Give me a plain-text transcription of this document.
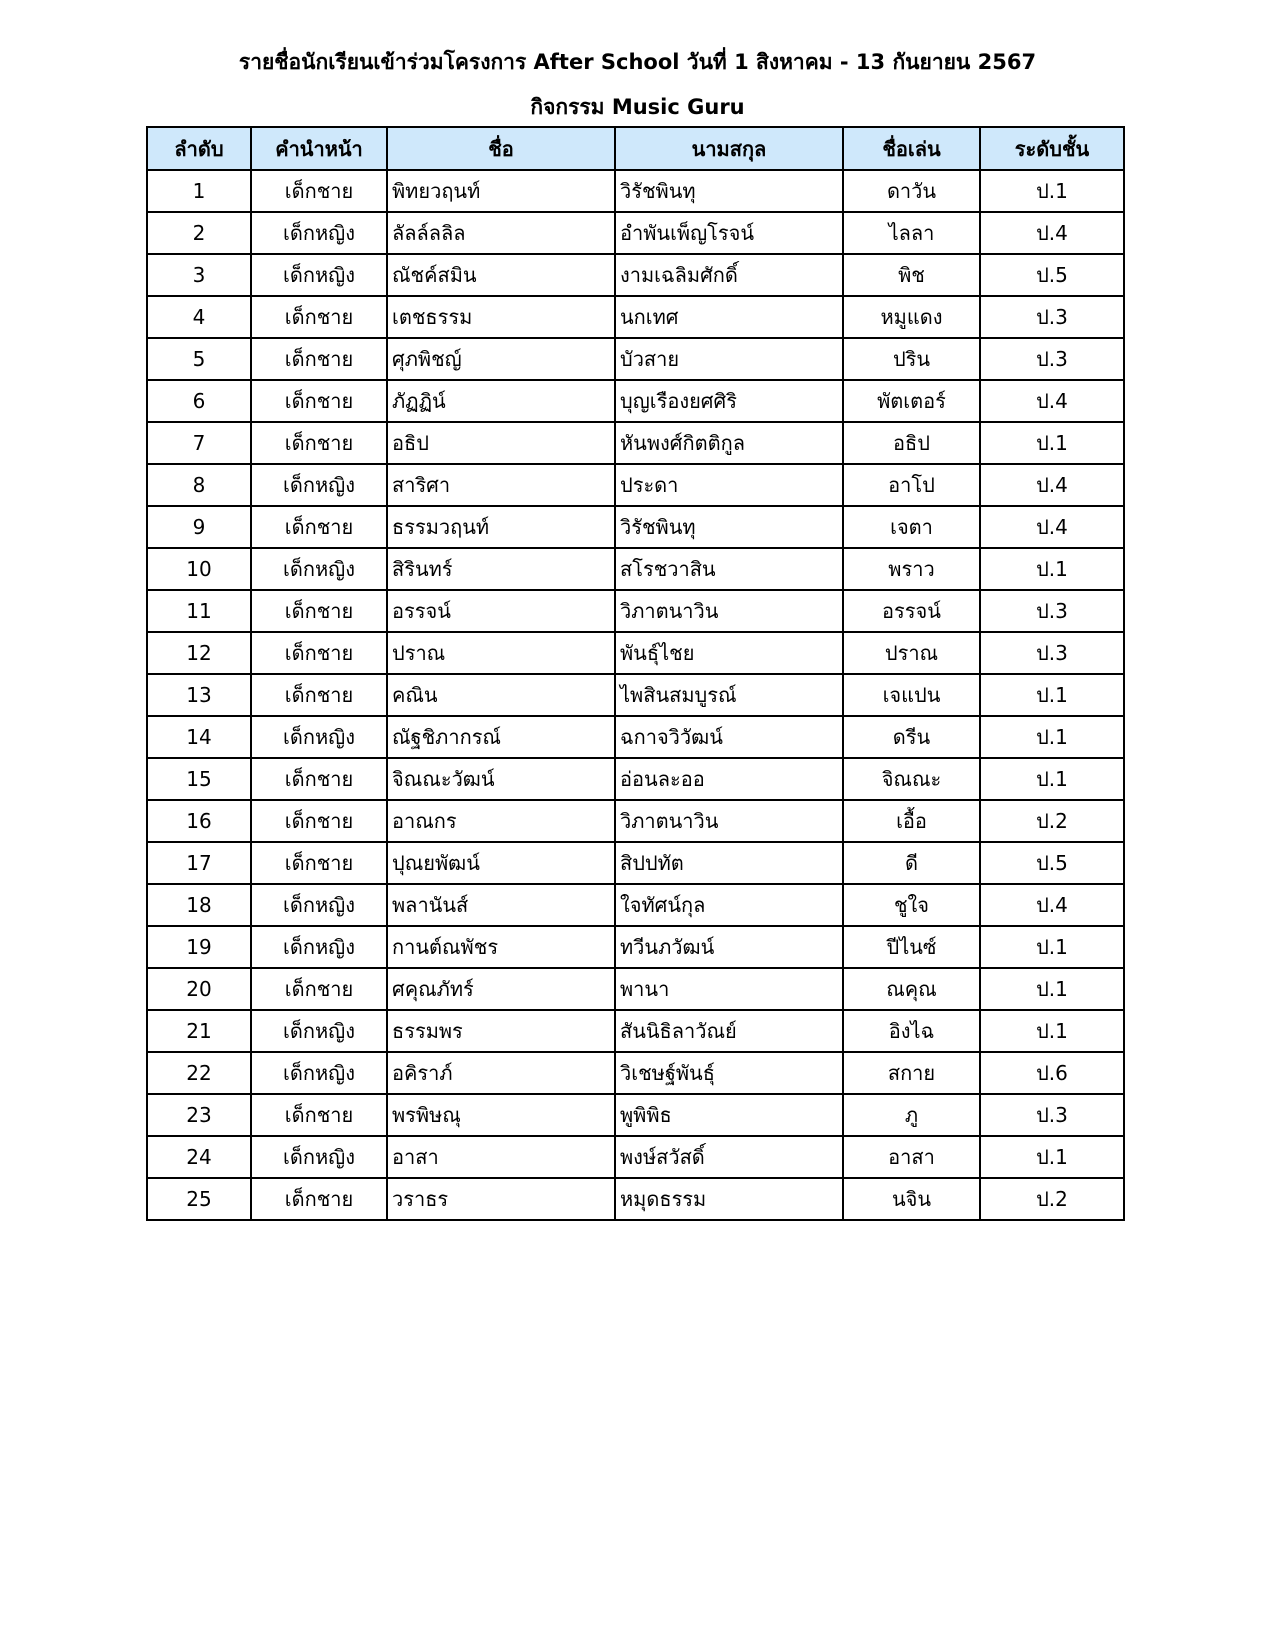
รายชื่อนักเรียนเข้าร่วมโครงการ After School วันที่ 1 สิงหาคม - 13 กันยายน 2567
กิจกรรม Music Guru
ลำดับ	คำนำหน้า	ชื่อ	นามสกุล	ชื่อเล่น	ระดับชั้น
1	เด็กชาย	พิทยวฤนท์	วิรัชพินทุ	ดาวัน	ป.1
2	เด็กหญิง	ลัลล์ลลิล	อำพันเพ็ญโรจน์	ไลลา	ป.4
3	เด็กหญิง	ณัชค์สมิน	งามเฉลิมศักดิ์	พิช	ป.5
4	เด็กชาย	เตชธรรม	นกเทศ	หมูแดง	ป.3
5	เด็กชาย	ศุภพิชญ์	บัวสาย	ปริน	ป.3
6	เด็กชาย	ภัฏฏิน์	บุญเรืองยศศิริ	พัตเตอร์	ป.4
7	เด็กชาย	อธิป	หันพงศ์กิตติกูล	อธิป	ป.1
8	เด็กหญิง	สาริศา	ประดา	อาโป	ป.4
9	เด็กชาย	ธรรมวฤนท์	วิรัชพินทุ	เจตา	ป.4
10	เด็กหญิง	สิรินทร์	สโรชวาสิน	พราว	ป.1
11	เด็กชาย	อรรจน์	วิภาตนาวิน	อรรจน์	ป.3
12	เด็กชาย	ปราณ	พันธุ์ไชย	ปราณ	ป.3
13	เด็กชาย	คณิน	ไพสินสมบูรณ์	เจแปน	ป.1
14	เด็กหญิง	ณัฐชิภากรณ์	ฉกาจวิวัฒน์	ดรีน	ป.1
15	เด็กชาย	จิณณะวัฒน์	อ่อนละออ	จิณณะ	ป.1
16	เด็กชาย	อาณกร	วิภาตนาวิน	เอื้อ	ป.2
17	เด็กชาย	ปุณยพัฒน์	สิปปทัต	ดี	ป.5
18	เด็กหญิง	พลานันส์	ใจทัศน์กุล	ชูใจ	ป.4
19	เด็กหญิง	กานต์ณพัชร	ทวีนภวัฒน์	ปีไนซ์	ป.1
20	เด็กชาย	ศคุณภัทร์	พานา	ณคุณ	ป.1
21	เด็กหญิง	ธรรมพร	สันนิธิลาวัณย์	อิงไฉ	ป.1
22	เด็กหญิง	อคิราภ์	วิเชษฐ์พันธุ์	สกาย	ป.6
23	เด็กชาย	พรพิษณุ	พูพิพิธ	ภู	ป.3
24	เด็กหญิง	อาสา	พงษ์สวัสดิ์	อาสา	ป.1
25	เด็กชาย	วราธร	หมุดธรรม	นจิน	ป.2
